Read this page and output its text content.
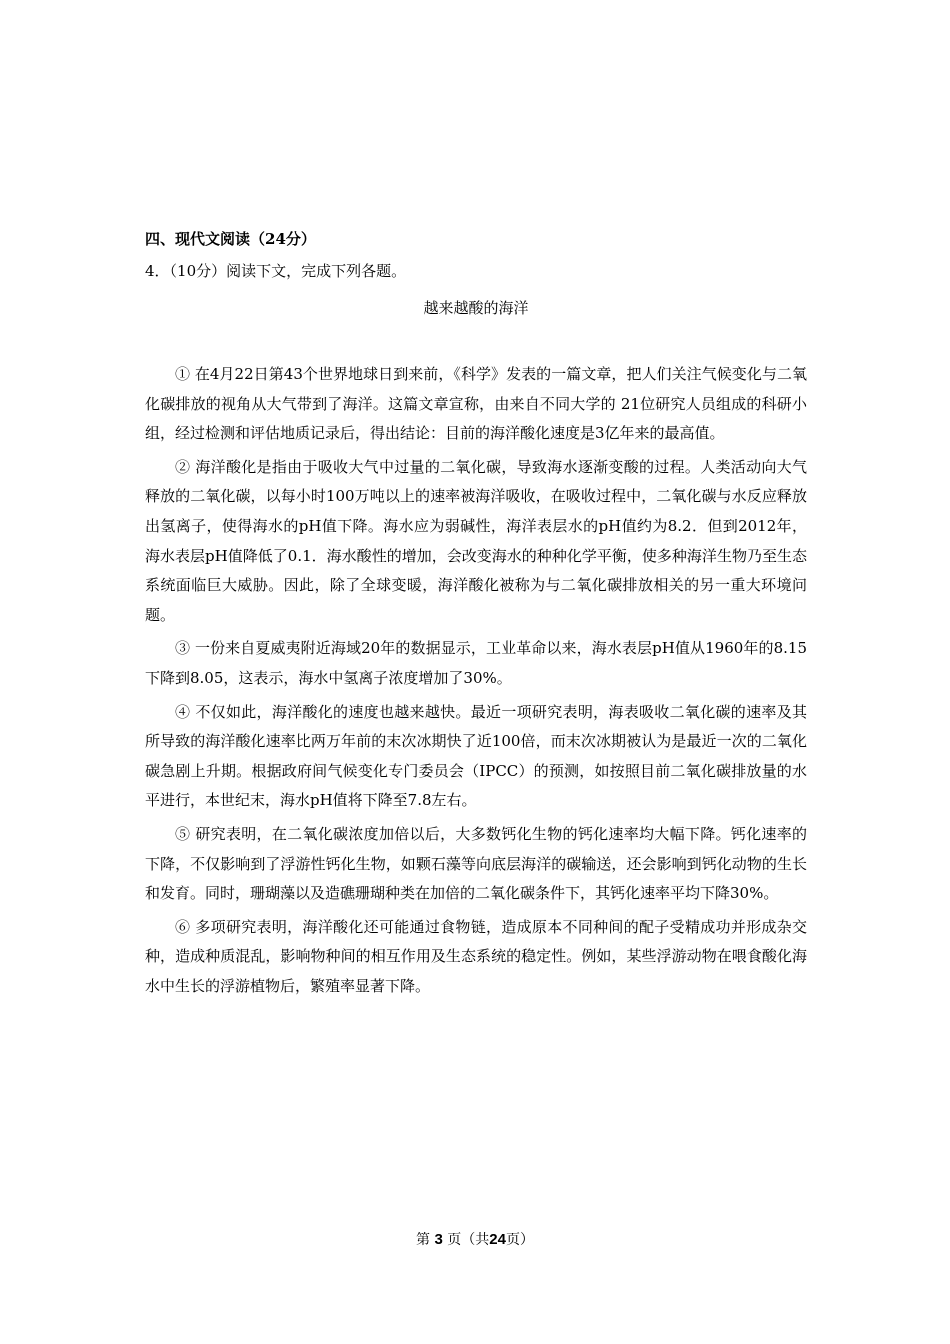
四、现代文阅读（24分）
4．（10分）阅读下文，完成下列各题。
越来越酸的海洋

① 在4月22日第43个世界地球日到来前，《科学》发表的一篇文章，把人们关注气候变化与二氧化碳排放的视角从大气带到了海洋。这篇文章宣称，由来自不同大学的 21位研究人员组成的科研小组，经过检测和评估地质记录后，得出结论：目前的海洋酸化速度是3亿年来的最高值。

② 海洋酸化是指由于吸收大气中过量的二氧化碳，导致海水逐渐变酸的过程。人类活动向大气释放的二氧化碳，以每小时100万吨以上的速率被海洋吸收，在吸收过程中，二氧化碳与水反应释放出氢离子，使得海水的pH值下降。海水应为弱碱性，海洋表层水的pH值约为8.2．但到2012年，海水表层pH值降低了0.1．海水酸性的增加，会改变海水的种种化学平衡，使多种海洋生物乃至生态系统面临巨大威胁。因此，除了全球变暖，海洋酸化被称为与二氧化碳排放相关的另一重大环境问题。

③ 一份来自夏威夷附近海域20年的数据显示，工业革命以来，海水表层pH值从1960年的8.15下降到8.05，这表示，海水中氢离子浓度增加了30%。

④ 不仅如此，海洋酸化的速度也越来越快。最近一项研究表明，海表吸收二氧化碳的速率及其所导致的海洋酸化速率比两万年前的末次冰期快了近100倍，而末次冰期被认为是最近一次的二氧化碳急剧上升期。根据政府间气候变化专门委员会（IPCC）的预测，如按照目前二氧化碳排放量的水平进行，本世纪末，海水pH值将下降至7.8左右。

⑤ 研究表明，在二氧化碳浓度加倍以后，大多数钙化生物的钙化速率均大幅下降。钙化速率的下降，不仅影响到了浮游性钙化生物，如颗石藻等向底层海洋的碳输送，还会影响到钙化动物的生长和发育。同时，珊瑚藻以及造礁珊瑚种类在加倍的二氧化碳条件下，其钙化速率平均下降30%。

⑥ 多项研究表明，海洋酸化还可能通过食物链，造成原本不同种间的配子受精成功并形成杂交种，造成种质混乱，影响物种间的相互作用及生态系统的稳定性。例如，某些浮游动物在喂食酸化海水中生长的浮游植物后，繁殖率显著下降。

第 3 页（共24页）
